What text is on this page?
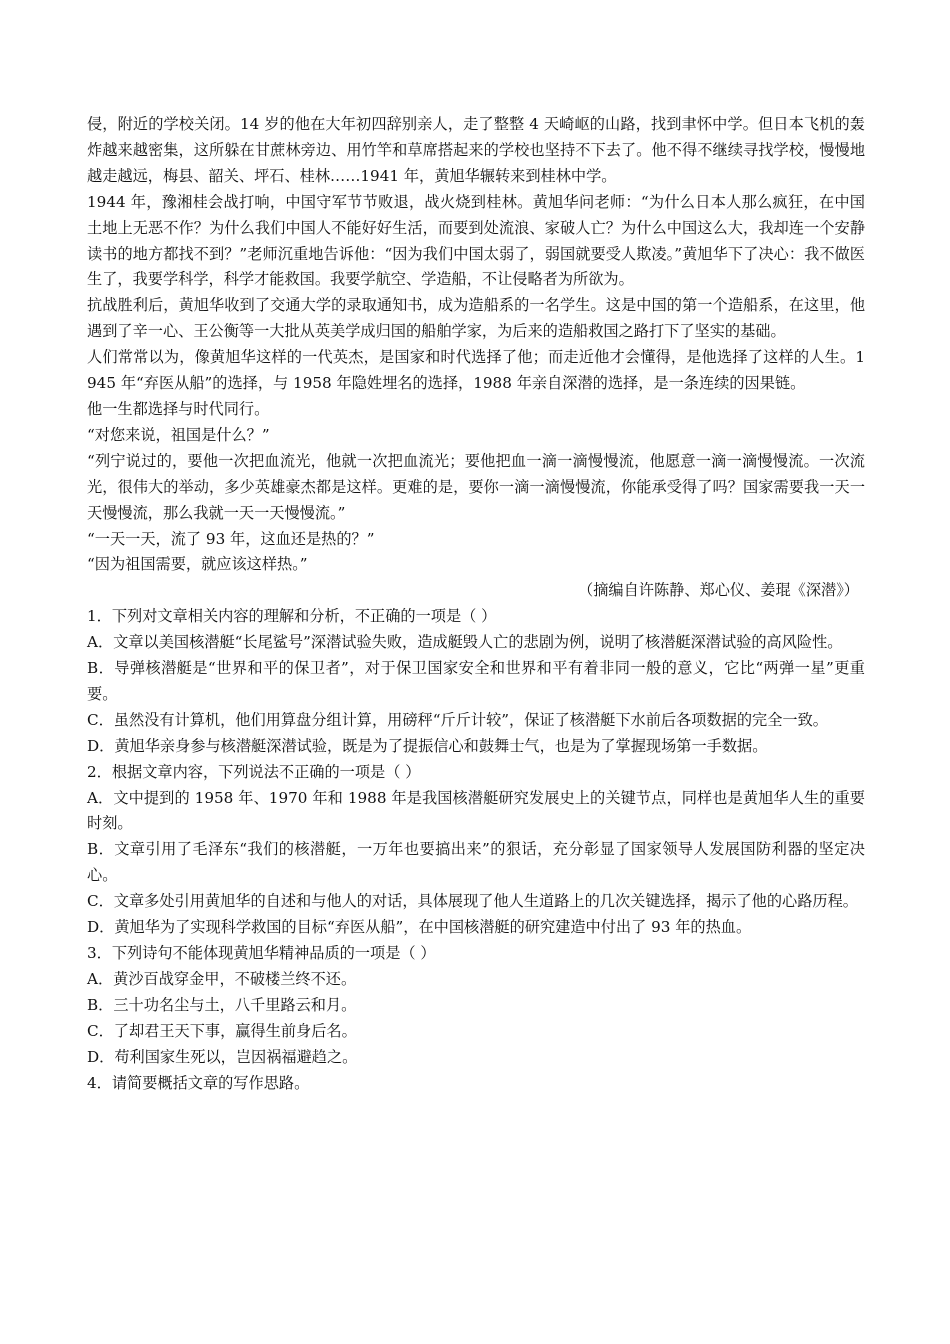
侵，附近的学校关闭。14 岁的他在大年初四辞别亲人，走了整整 4 天崎岖的山路，找到聿怀中学。但日本飞机的轰炸越来越密集，这所躲在甘蔗林旁边、用竹竿和草席搭起来的学校也坚持不下去了。他不得不继续寻找学校，慢慢地越走越远，梅县、韶关、坪石、桂林……1941 年，黄旭华辗转来到桂林中学。

1944 年，豫湘桂会战打响，中国守军节节败退，战火烧到桂林。黄旭华问老师：“为什么日本人那么疯狂，在中国土地上无恶不作？为什么我们中国人不能好好生活，而要到处流浪、家破人亡？为什么中国这么大，我却连一个安静读书的地方都找不到？”老师沉重地告诉他：“因为我们中国太弱了，弱国就要受人欺凌。”黄旭华下了决心：我不做医生了，我要学科学，科学才能救国。我要学航空、学造船，不让侵略者为所欲为。

抗战胜利后，黄旭华收到了交通大学的录取通知书，成为造船系的一名学生。这是中国的第一个造船系，在这里，他遇到了辛一心、王公衡等一大批从英美学成归国的船舶学家，为后来的造船救国之路打下了坚实的基础。

人们常常以为，像黄旭华这样的一代英杰，是国家和时代选择了他；而走近他才会懂得，是他选择了这样的人生。1945 年“弃医从船”的选择，与 1958 年隐姓埋名的选择，1988 年亲自深潜的选择，是一条连续的因果链。

他一生都选择与时代同行。

“对您来说，祖国是什么？”

“列宁说过的，要他一次把血流光，他就一次把血流光；要他把血一滴一滴慢慢流，他愿意一滴一滴慢慢流。一次流光，很伟大的举动，多少英雄豪杰都是这样。更难的是，要你一滴一滴慢慢流，你能承受得了吗？国家需要我一天一天慢慢流，那么我就一天一天慢慢流。”

“一天一天，流了 93 年，这血还是热的？”

“因为祖国需要，就应该这样热。”

（摘编自许陈静、郑心仪、姜琨《深潜》）

1．下列对文章相关内容的理解和分析，不正确的一项是（ ）

A．文章以美国核潜艇“长尾鲨号”深潜试验失败，造成艇毁人亡的悲剧为例，说明了核潜艇深潜试验的高风险性。

B．导弹核潜艇是“世界和平的保卫者”，对于保卫国家安全和世界和平有着非同一般的意义，它比“两弹一星”更重要。

C．虽然没有计算机，他们用算盘分组计算，用磅秤“斤斤计较”，保证了核潜艇下水前后各项数据的完全一致。

D．黄旭华亲身参与核潜艇深潜试验，既是为了提振信心和鼓舞士气，也是为了掌握现场第一手数据。

2．根据文章内容，下列说法不正确的一项是（ ）

A．文中提到的 1958 年、1970 年和 1988 年是我国核潜艇研究发展史上的关键节点，同样也是黄旭华人生的重要时刻。

B．文章引用了毛泽东“我们的核潜艇，一万年也要搞出来”的狠话，充分彰显了国家领导人发展国防利器的坚定决心。

C．文章多处引用黄旭华的自述和与他人的对话，具体展现了他人生道路上的几次关键选择，揭示了他的心路历程。

D．黄旭华为了实现科学救国的目标“弃医从船”，在中国核潜艇的研究建造中付出了 93 年的热血。

3．下列诗句不能体现黄旭华精神品质的一项是（ ）

A．黄沙百战穿金甲，不破楼兰终不还。

B．三十功名尘与土，八千里路云和月。

C．了却君王天下事，赢得生前身后名。

D．苟利国家生死以，岂因祸福避趋之。

4．请简要概括文章的写作思路。
